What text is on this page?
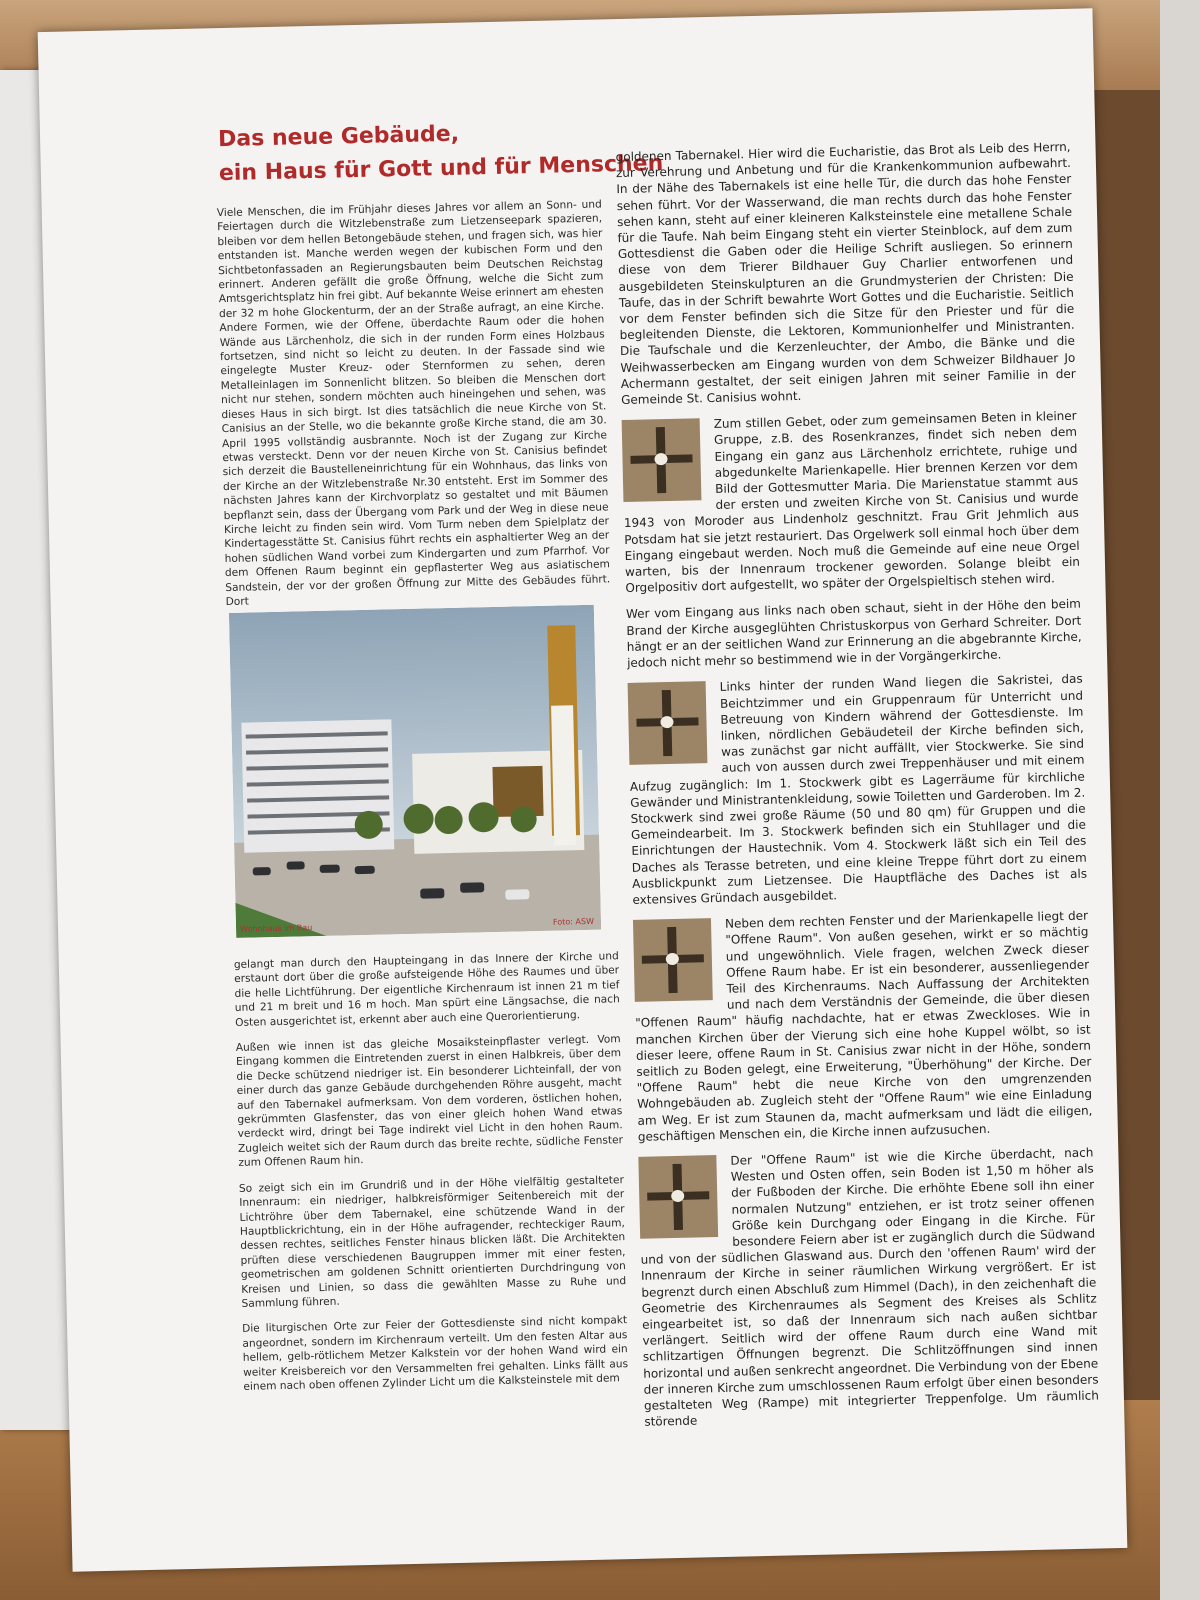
Das neue Gebäude,
ein Haus für Gott und für Menschen

Viele Menschen, die im Frühjahr dieses Jahres vor allem an Sonn- und Feiertagen durch die Witzlebenstraße zum Lietzenseepark spazieren, bleiben vor dem hellen Betongebäude stehen, und fragen sich, was hier entstanden ist. Manche werden wegen der kubischen Form und den Sichtbetonfassaden an Regierungsbauten beim Deutschen Reichstag erinnert. Anderen gefällt die große Öffnung, welche die Sicht zum Amtsgerichtsplatz hin frei gibt. Auf bekannte Weise erinnert am ehesten der 32 m hohe Glockenturm, der an der Straße aufragt, an eine Kirche. Andere Formen, wie der Offene, überdachte Raum oder die hohen Wände aus Lärchenholz, die sich in der runden Form eines Holzbaus fortsetzen, sind nicht so leicht zu deuten. In der Fassade sind wie eingelegte Muster Kreuz- oder Sternformen zu sehen, deren Metalleinlagen im Sonnenlicht blitzen. So bleiben die Menschen dort nicht nur stehen, sondern möchten auch hineingehen und sehen, was dieses Haus in sich birgt. Ist dies tatsächlich die neue Kirche von St. Canisius an der Stelle, wo die bekannte große Kirche stand, die am 30. April 1995 vollständig ausbrannte. Noch ist der Zugang zur Kirche etwas versteckt. Denn vor der neuen Kirche von St. Canisius befindet sich derzeit die Baustelleneinrichtung für ein Wohnhaus, das links von der Kirche an der Witzlebenstraße Nr.30 entsteht. Erst im Sommer des nächsten Jahres kann der Kirchvorplatz so gestaltet und mit Bäumen bepflanzt sein, dass der Übergang vom Park und der Weg in diese neue Kirche leicht zu finden sein wird. Vom Turm neben dem Spielplatz der Kindertagesstätte St. Canisius führt rechts ein asphaltierter Weg an der hohen südlichen Wand vorbei zum Kindergarten und zum Pfarrhof. Vor dem Offenen Raum beginnt ein gepflasterter Weg aus asiatischem Sandstein, der vor der großen Öffnung zur Mitte des Gebäudes führt. Dort

Wohnhaus im Bau
Foto: ASW

gelangt man durch den Haupteingang in das Innere der Kirche und erstaunt dort über die große aufsteigende Höhe des Raumes und über die helle Lichtführung. Der eigentliche Kirchenraum ist innen 21 m tief und 21 m breit und 16 m hoch. Man spürt eine Längsachse, die nach Osten ausgerichtet ist, erkennt aber auch eine Querorientierung.

Außen wie innen ist das gleiche Mosaiksteinpflaster verlegt. Vom Eingang kommen die Eintretenden zuerst in einen Halbkreis, über dem die Decke schützend niedriger ist. Ein besonderer Lichteinfall, der von einer durch das ganze Gebäude durchgehenden Röhre ausgeht, macht auf den Tabernakel aufmerksam. Von dem vorderen, östlichen hohen, gekrümmten Glasfenster, das von einer gleich hohen Wand etwas verdeckt wird, dringt bei Tage indirekt viel Licht in den hohen Raum. Zugleich weitet sich der Raum durch das breite rechte, südliche Fenster zum Offenen Raum hin.

So zeigt sich ein im Grundriß und in der Höhe vielfältig gestalteter Innenraum: ein niedriger, halbkreisförmiger Seitenbereich mit der Lichtröhre über dem Tabernakel, eine schützende Wand in der Hauptblickrichtung, ein in der Höhe aufragender, rechteckiger Raum, dessen rechtes, seitliches Fenster hinaus blicken läßt. Die Architekten prüften diese verschiedenen Baugruppen immer mit einer festen, geometrischen am goldenen Schnitt orientierten Durchdringung von Kreisen und Linien, so dass die gewählten Masse zu Ruhe und Sammlung führen.

Die liturgischen Orte zur Feier der Gottesdienste sind nicht kompakt angeordnet, sondern im Kirchenraum verteilt. Um den festen Altar aus hellem, gelb-rötlichem Metzer Kalkstein vor der hohen Wand wird ein weiter Kreisbereich vor den Versammelten frei gehalten. Links fällt aus einem nach oben offenen Zylinder Licht um die Kalksteinstele mit dem

goldenen Tabernakel. Hier wird die Eucharistie, das Brot als Leib des Herrn, zur Verehrung und Anbetung und für die Krankenkommunion aufbewahrt. In der Nähe des Tabernakels ist eine helle Tür, die durch das hohe Fenster sehen führt. Vor der Wasserwand, die man rechts durch das hohe Fenster sehen kann, steht auf einer kleineren Kalksteinstele eine metallene Schale für die Taufe. Nah beim Eingang steht ein vierter Steinblock, auf dem zum Gottesdienst die Gaben oder die Heilige Schrift ausliegen. So erinnern diese von dem Trierer Bildhauer Guy Charlier entworfenen und ausgebildeten Steinskulpturen an die Grundmysterien der Christen: Die Taufe, das in der Schrift bewahrte Wort Gottes und die Eucharistie. Seitlich vor dem Fenster befinden sich die Sitze für den Priester und für die begleitenden Dienste, die Lektoren, Kommunionhelfer und Ministranten. Die Taufschale und die Kerzenleuchter, der Ambo, die Bänke und die Weihwasserbecken am Eingang wurden von dem Schweizer Bildhauer Jo Achermann gestaltet, der seit einigen Jahren mit seiner Familie in der Gemeinde St. Canisius wohnt.

Zum stillen Gebet, oder zum gemeinsamen Beten in kleiner Gruppe, z.B. des Rosenkranzes, findet sich neben dem Eingang ein ganz aus Lärchenholz errichtete, ruhige und abgedunkelte Marienkapelle. Hier brennen Kerzen vor dem Bild der Gottesmutter Maria. Die Marienstatue stammt aus der ersten und zweiten Kirche von St. Canisius und wurde 1943 von Moroder aus Lindenholz geschnitzt. Frau Grit Jehmlich aus Potsdam hat sie jetzt restauriert. Das Orgelwerk soll einmal hoch über dem Eingang eingebaut werden. Noch muß die Gemeinde auf eine neue Orgel warten, bis der Innenraum trockener geworden. Solange bleibt ein Orgelpositiv dort aufgestellt, wo später der Orgelspieltisch stehen wird.

Wer vom Eingang aus links nach oben schaut, sieht in der Höhe den beim Brand der Kirche ausgeglühten Christuskorpus von Gerhard Schreiter. Dort hängt er an der seitlichen Wand zur Erinnerung an die abgebrannte Kirche, jedoch nicht mehr so bestimmend wie in der Vorgängerkirche.

Links hinter der runden Wand liegen die Sakristei, das Beichtzimmer und ein Gruppenraum für Unterricht und Betreuung von Kindern während der Gottesdienste. Im linken, nördlichen Gebäudeteil der Kirche befinden sich, was zunächst gar nicht auffällt, vier Stockwerke. Sie sind auch von aussen durch zwei Treppenhäuser und mit einem Aufzug zugänglich: Im 1. Stockwerk gibt es Lagerräume für kirchliche Gewänder und Ministrantenkleidung, sowie Toiletten und Garderoben. Im 2. Stockwerk sind zwei große Räume (50 und 80 qm) für Gruppen und die Gemeindearbeit. Im 3. Stockwerk befinden sich ein Stuhllager und die Einrichtungen der Haustechnik. Vom 4. Stockwerk läßt sich ein Teil des Daches als Terasse betreten, und eine kleine Treppe führt dort zu einem Ausblickpunkt zum Lietzensee. Die Hauptfläche des Daches ist als extensives Gründach ausgebildet.

Neben dem rechten Fenster und der Marienkapelle liegt der "Offene Raum". Von außen gesehen, wirkt er so mächtig und ungewöhnlich. Viele fragen, welchen Zweck dieser Offene Raum habe. Er ist ein besonderer, aussenliegender Teil des Kirchenraums. Nach Auffassung der Architekten und nach dem Verständnis der Gemeinde, die über diesen "Offenen Raum" häufig nachdachte, hat er etwas Zweckloses. Wie in manchen Kirchen über der Vierung sich eine hohe Kuppel wölbt, so ist dieser leere, offene Raum in St. Canisius zwar nicht in der Höhe, sondern seitlich zu Boden gelegt, eine Erweiterung, "Überhöhung" der Kirche. Der "Offene Raum" hebt die neue Kirche von den umgrenzenden Wohngebäuden ab. Zugleich steht der "Offene Raum" wie eine Einladung am Weg. Er ist zum Staunen da, macht aufmerksam und lädt die eiligen, geschäftigen Menschen ein, die Kirche innen aufzusuchen.

Der "Offene Raum" ist wie die Kirche überdacht, nach Westen und Osten offen, sein Boden ist 1,50 m höher als der Fußboden der Kirche. Die erhöhte Ebene soll ihn einer normalen Nutzung" entziehen, er ist trotz seiner offenen Größe kein Durchgang oder Eingang in die Kirche. Für besondere Feiern aber ist er zugänglich durch die Südwand und von der südlichen Glaswand aus. Durch den 'offenen Raum' wird der Innenraum der Kirche in seiner räumlichen Wirkung vergrößert. Er ist begrenzt durch einen Abschluß zum Himmel (Dach), in den zeichenhaft die Geometrie des Kirchenraumes als Segment des Kreises als Schlitz eingearbeitet ist, so daß der Innenraum sich nach außen sichtbar verlängert. Seitlich wird der offene Raum durch eine Wand mit schlitzartigen Öffnungen begrenzt. Die Schlitzöffnungen sind innen horizontal und außen senkrecht angeordnet. Die Verbindung von der Ebene der inneren Kirche zum umschlossenen Raum erfolgt über einen besonders gestalteten Weg (Rampe) mit integrierter Treppenfolge. Um räumlich störende
